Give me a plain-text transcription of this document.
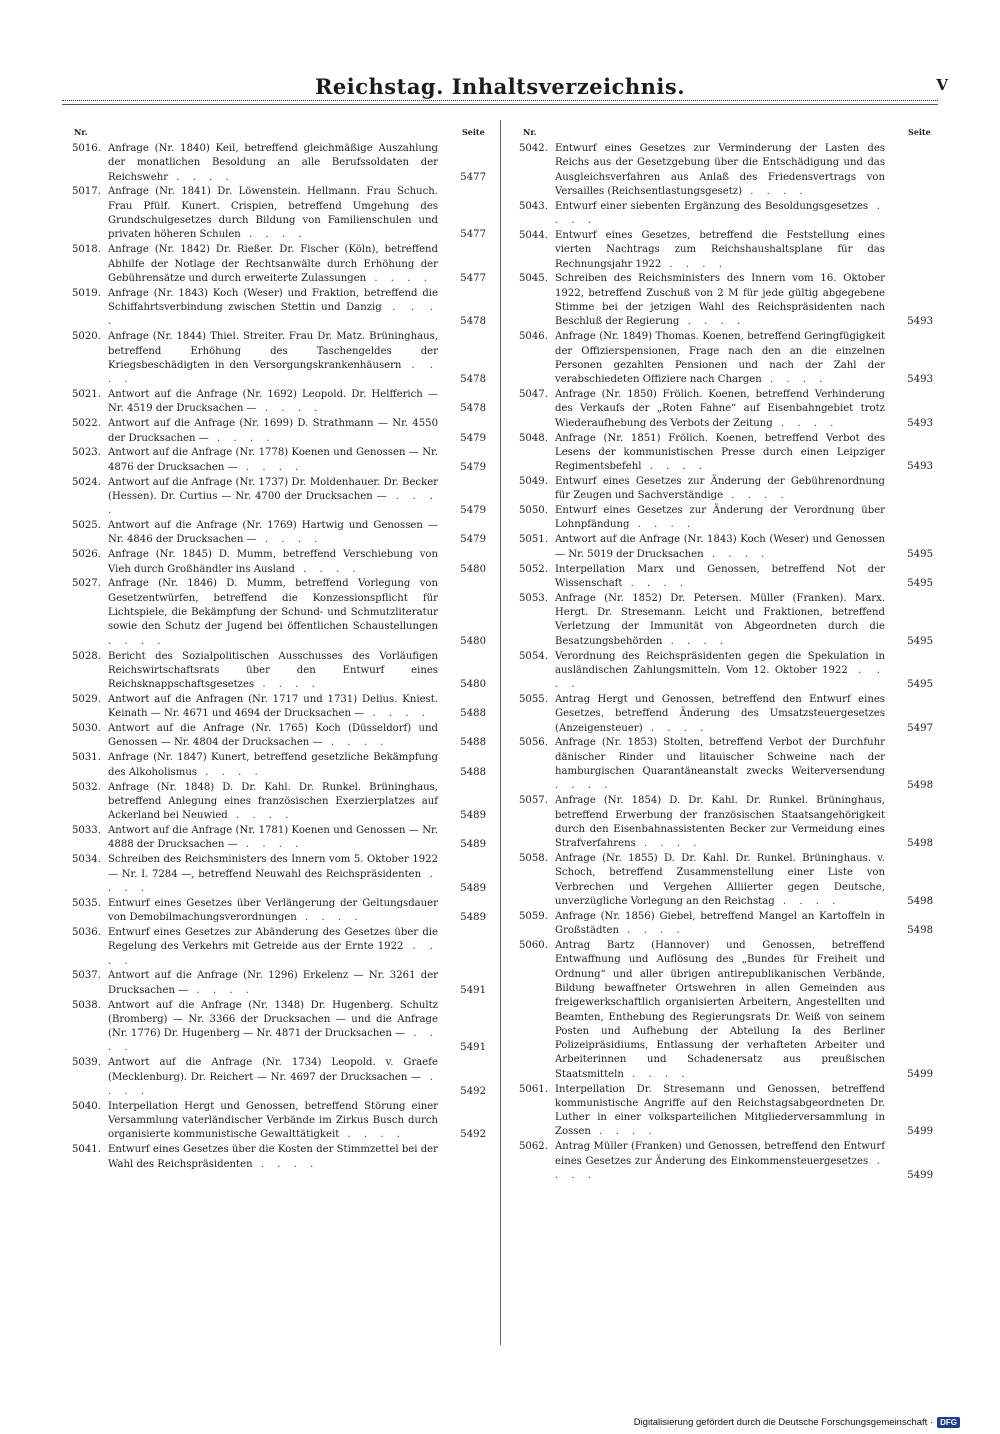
Reichstag. Inhaltsverzeichnis.	V
Nr.	Seite	Nr.	Seite
5016. Anfrage (Nr. 1840) Keil, betreffend gleichmäßige Auszahlung der monatlichen Besoldung an alle Berufssoldaten der Reichswehr . . . .	5477
5017. Anfrage (Nr. 1841) Dr. Löwenstein. Hellmann. Frau Schuch. Frau Pfülf. Kunert. Crispien, betreffend Umgehung des Grundschulgesetzes durch Bildung von Familienschulen und privaten höheren Schulen . . . .	5477
5018. Anfrage (Nr. 1842) Dr. Rießer. Dr. Fischer (Köln), betreffend Abhilfe der Notlage der Rechtsanwälte durch Erhöhung der Gebührensätze und durch erweiterte Zulassungen . . . .	5477
5019. Anfrage (Nr. 1843) Koch (Weser) und Fraktion, betreffend die Schiffahrtsverbindung zwischen Stettin und Danzig . . . .	5478
5020. Anfrage (Nr. 1844) Thiel. Streiter. Frau Dr. Matz. Brüninghaus, betreffend Erhöhung des Taschengeldes der Kriegsbeschädigten in den Versorgungskrankenhäusern . . . .	5478
5021. Antwort auf die Anfrage (Nr. 1692) Leopold. Dr. Helfferich — Nr. 4519 der Drucksachen — . . . .	5478
5022. Antwort auf die Anfrage (Nr. 1699) D. Strathmann — Nr. 4550 der Drucksachen — . . . .	5479
5023. Antwort auf die Anfrage (Nr. 1778) Koenen und Genossen — Nr. 4876 der Drucksachen — . . . .	5479
5024. Antwort auf die Anfrage (Nr. 1737) Dr. Moldenhauer. Dr. Becker (Hessen). Dr. Curtius — Nr. 4700 der Drucksachen — . . . .	5479
5025. Antwort auf die Anfrage (Nr. 1769) Hartwig und Genossen — Nr. 4846 der Drucksachen — . . . .	5479
5026. Anfrage (Nr. 1845) D. Mumm, betreffend Verschiebung von Vieh durch Großhändler ins Ausland . . . .	5480
5027. Anfrage (Nr. 1846) D. Mumm, betreffend Vorlegung von Gesetzentwürfen, betreffend die Konzessionspflicht für Lichtspiele, die Bekämpfung der Schund- und Schmutzliteratur sowie den Schutz der Jugend bei öffentlichen Schaustellungen . . . .	5480
5028. Bericht des Sozialpolitischen Ausschusses des Vorläufigen Reichswirtschaftsrats über den Entwurf eines Reichsknappschaftsgesetzes . . . .	5480
5029. Antwort auf die Anfragen (Nr. 1717 und 1731) Delius. Kniest. Keinath — Nr. 4671 und 4694 der Drucksachen — . . . .	5488
5030. Antwort auf die Anfrage (Nr. 1765) Koch (Düsseldorf) und Genossen — Nr. 4804 der Drucksachen — . . . .	5488
5031. Anfrage (Nr. 1847) Kunert, betreffend gesetzliche Bekämpfung des Alkoholismus . . . .	5488
5032. Anfrage (Nr. 1848) D. Dr. Kahl. Dr. Runkel. Brüninghaus, betreffend Anlegung eines französischen Exerzierplatzes auf Ackerland bei Neuwied . . . .	5489
5033. Antwort auf die Anfrage (Nr. 1781) Koenen und Genossen — Nr. 4888 der Drucksachen — . . . .	5489
5034. Schreiben des Reichsministers des Innern vom 5. Oktober 1922 — Nr. I. 7284 —, betreffend Neuwahl des Reichspräsidenten . . . .	5489
5035. Entwurf eines Gesetzes über Verlängerung der Geltungsdauer von Demobilmachungsverordnungen . . . .	5489
5036. Entwurf eines Gesetzes zur Abänderung des Gesetzes über die Regelung des Verkehrs mit Getreide aus der Ernte 1922 . . . .
5037. Antwort auf die Anfrage (Nr. 1296) Erkelenz — Nr. 3261 der Drucksachen — . . . .	5491
5038. Antwort auf die Anfrage (Nr. 1348) Dr. Hugenberg. Schultz (Bromberg) — Nr. 3366 der Drucksachen — und die Anfrage (Nr. 1776) Dr. Hugenberg — Nr. 4871 der Drucksachen — . . . .	5491
5039. Antwort auf die Anfrage (Nr. 1734) Leopold. v. Graefe (Mecklenburg). Dr. Reichert — Nr. 4697 der Drucksachen — . . . .	5492
5040. Interpellation Hergt und Genossen, betreffend Störung einer Versammlung vaterländischer Verbände im Zirkus Busch durch organisierte kommunistische Gewalttätigkeit . . . .	5492
5041. Entwurf eines Gesetzes über die Kosten der Stimmzettel bei der Wahl des Reichspräsidenten . . . .
5042. Entwurf eines Gesetzes zur Verminderung der Lasten des Reichs aus der Gesetzgebung über die Entschädigung und das Ausgleichsverfahren aus Anlaß des Friedensvertrags von Versailles (Reichsentlastungsgesetz) . . . .
5043. Entwurf einer siebenten Ergänzung des Besoldungsgesetzes . . . .
5044. Entwurf eines Gesetzes, betreffend die Feststellung eines vierten Nachtrags zum Reichshaushaltsplane für das Rechnungsjahr 1922 . . . .
5045. Schreiben des Reichsministers des Innern vom 16. Oktober 1922, betreffend Zuschuß von 2 M für jede gültig abgegebene Stimme bei der jetzigen Wahl des Reichspräsidenten nach Beschluß der Regierung . . . .	5493
5046. Anfrage (Nr. 1849) Thomas. Koenen, betreffend Geringfügigkeit der Offizierspensionen, Frage nach den an die einzelnen Personen gezahlten Pensionen und nach der Zahl der verabschiedeten Offiziere nach Chargen . . . .	5493
5047. Anfrage (Nr. 1850) Frölich. Koenen, betreffend Verhinderung des Verkaufs der „Roten Fahne“ auf Eisenbahngebiet trotz Wiederaufhebung des Verbots der Zeitung . . . .	5493
5048. Anfrage (Nr. 1851) Frölich. Koenen, betreffend Verbot des Lesens der kommunistischen Presse durch einen Leipziger Regimentsbefehl . . . .	5493
5049. Entwurf eines Gesetzes zur Änderung der Gebührenordnung für Zeugen und Sachverständige . . . .
5050. Entwurf eines Gesetzes zur Änderung der Verordnung über Lohnpfändung . . . .
5051. Antwort auf die Anfrage (Nr. 1843) Koch (Weser) und Genossen — Nr. 5019 der Drucksachen . . . .	5495
5052. Interpellation Marx und Genossen, betreffend Not der Wissenschaft . . . .	5495
5053. Anfrage (Nr. 1852) Dr. Petersen. Müller (Franken). Marx. Hergt. Dr. Stresemann. Leicht und Fraktionen, betreffend Verletzung der Immunität von Abgeordneten durch die Besatzungsbehörden . . . .	5495
5054. Verordnung des Reichspräsidenten gegen die Spekulation in ausländischen Zahlungsmitteln. Vom 12. Oktober 1922 . . . .	5495
5055. Antrag Hergt und Genossen, betreffend den Entwurf eines Gesetzes, betreffend Änderung des Umsatzsteuergesetzes (Anzeigensteuer) . . . .	5497
5056. Anfrage (Nr. 1853) Stolten, betreffend Verbot der Durchfuhr dänischer Rinder und litauischer Schweine nach der hamburgischen Quarantäneanstalt zwecks Weiterversendung . . . .	5498
5057. Anfrage (Nr. 1854) D. Dr. Kahl. Dr. Runkel. Brüninghaus, betreffend Erwerbung der französischen Staatsangehörigkeit durch den Eisenbahnassistenten Becker zur Vermeidung eines Strafverfahrens . . . .	5498
5058. Anfrage (Nr. 1855) D. Dr. Kahl. Dr. Runkel. Brüninghaus. v. Schoch, betreffend Zusammenstellung einer Liste von Verbrechen und Vergehen Alliierter gegen Deutsche, unverzügliche Vorlegung an den Reichstag . . . .	5498
5059. Anfrage (Nr. 1856) Giebel, betreffend Mangel an Kartoffeln in Großstädten . . . .	5498
5060. Antrag Bartz (Hannover) und Genossen, betreffend Entwaffnung und Auflösung des „Bundes für Freiheit und Ordnung“ und aller übrigen antirepublikanischen Verbände, Bildung bewaffneter Ortswehren in allen Gemeinden aus freigewerkschaftlich organisierten Arbeitern, Angestellten und Beamten, Enthebung des Regierungsrats Dr. Weiß von seinem Posten und Aufhebung der Abteilung Ia des Berliner Polizeipräsidiums, Entlassung der verhafteten Arbeiter und Arbeiterinnen und Schadenersatz aus preußischen Staatsmitteln . . . .	5499
5061. Interpellation Dr. Stresemann und Genossen, betreffend kommunistische Angriffe auf den Reichstagsabgeordneten Dr. Luther in einer volksparteilichen Mitgliederversammlung in Zossen . . . .	5499
5062. Antrag Müller (Franken) und Genossen, betreffend den Entwurf eines Gesetzes zur Änderung des Einkommensteuergesetzes . . . .	5499
Digitalisierung gefördert durch die Deutsche Forschungsgemeinschaft · DFG
